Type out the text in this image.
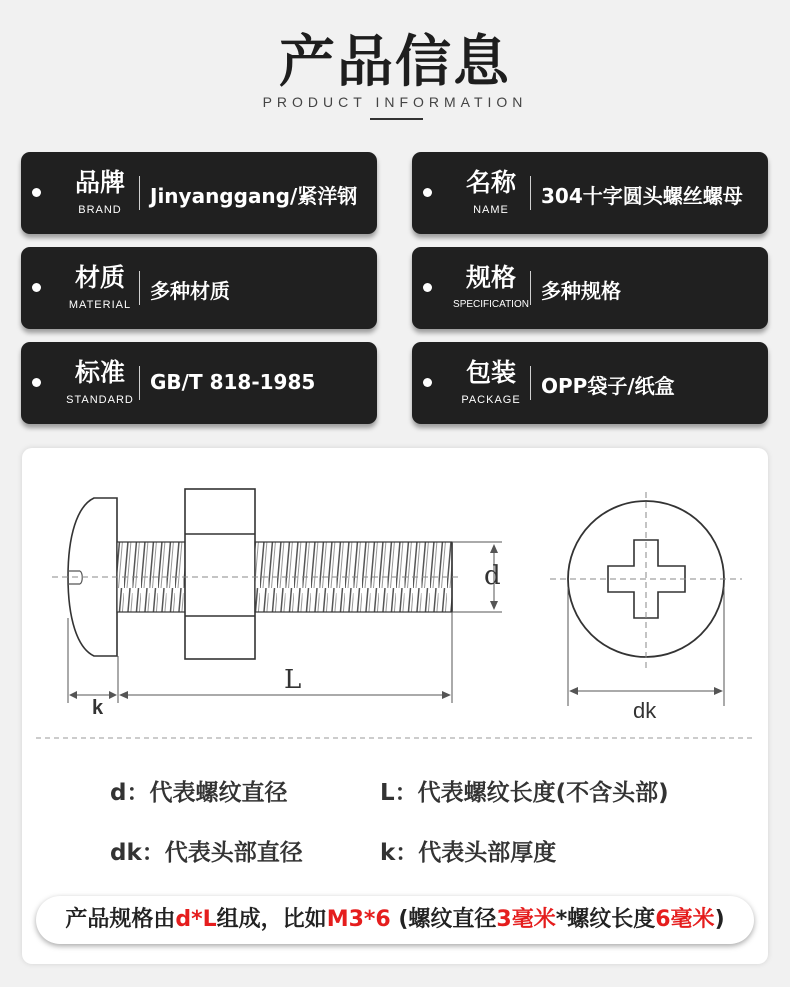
产品信息
PRODUCT INFORMATION
品牌
BRAND
Jinyanggang/紧洋钢	名称
NAME
304十字圆头螺丝螺母
材质
MATERIAL
多种材质	规格
SPECIFICATION
多种规格
标准
STANDARD
GB/T 818-1985	包装
PACKAGE
OPP袋子/纸盒
d
L
k	dk
d：代表螺纹直径	L：代表螺纹长度(不含头部)
dk：代表头部直径	k：代表头部厚度
产品规格由d*L组成，比如M3*6 (螺纹直径3毫米*螺纹长度6毫米)
